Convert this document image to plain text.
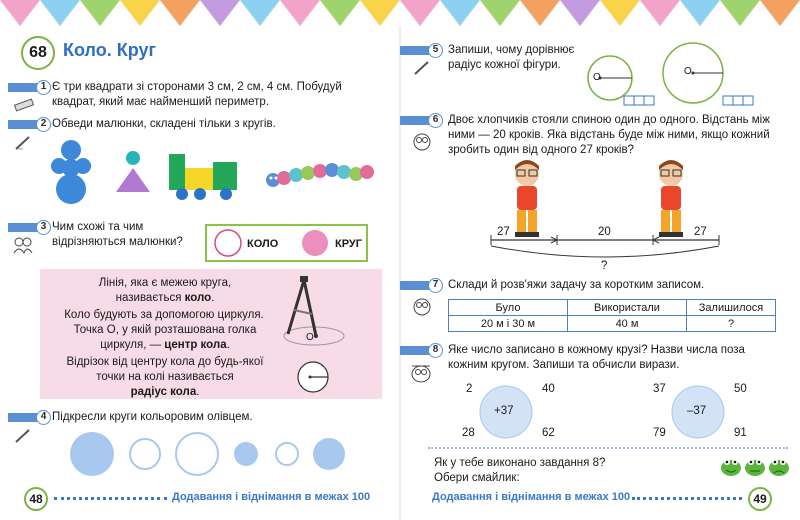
68 Коло. Круг
1 Є три квадрати зі сторонами 3 см, 2 см, 4 см. Побудуй квадрат, який має найменший периметр.
2 Обведи малюнки, складені тільки з кругів.
3 Чим схожі та чим відрізняються малюнки?	КОЛО	КРУГ
Лінія, яка є межею круга,
називається коло.
Коло будують за допомогою циркуля.
Точка O, у якій розташована голка
циркуля, — центр кола.
Відрізок від центру кола до будь-якої
точки на колі називається
радіус кола.
O
4 Підкресли круги кольоровим олівцем.
48	Додавання і віднімання в межах 100
5 Запиши, чому дорівнює радіус кожної фігури.
O
O
6 Двоє хлопчиків стояли спиною один до одного. Відстань між ними — 20 кроків. Яка відстань буде між ними, якщо кожний зробить один від одного 27 кроків?
27	20	27
?
7 Склади й розв'яжи задачу за коротким записом.
Було	Використали	Залишилося
20 м і 30 м	40 м	?
8 Яке число записано в кожному крузі? Назви числа поза кожним кругом. Запиши та обчисли вирази.
+37
2	40
28	62
–37
37	50
79	91
Як у тебе виконано завдання 8?
Обери смайлик:
Додавання і віднімання в межах 100	49
